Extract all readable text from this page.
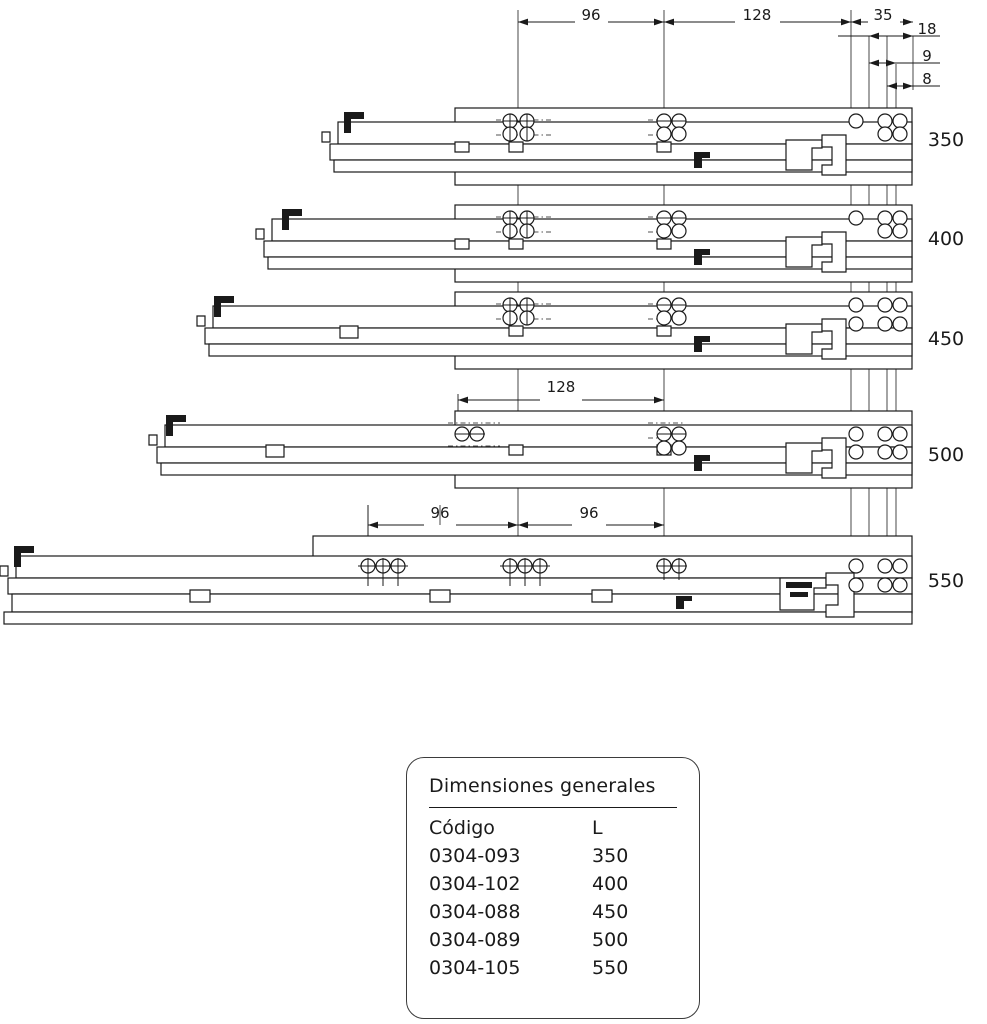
96	128	35
18
9
8
350
400
450
128
500
96	96
550
Dimensiones generales
Código	L
0304-093	350
0304-102	400
0304-088	450
0304-089	500
0304-105	550
